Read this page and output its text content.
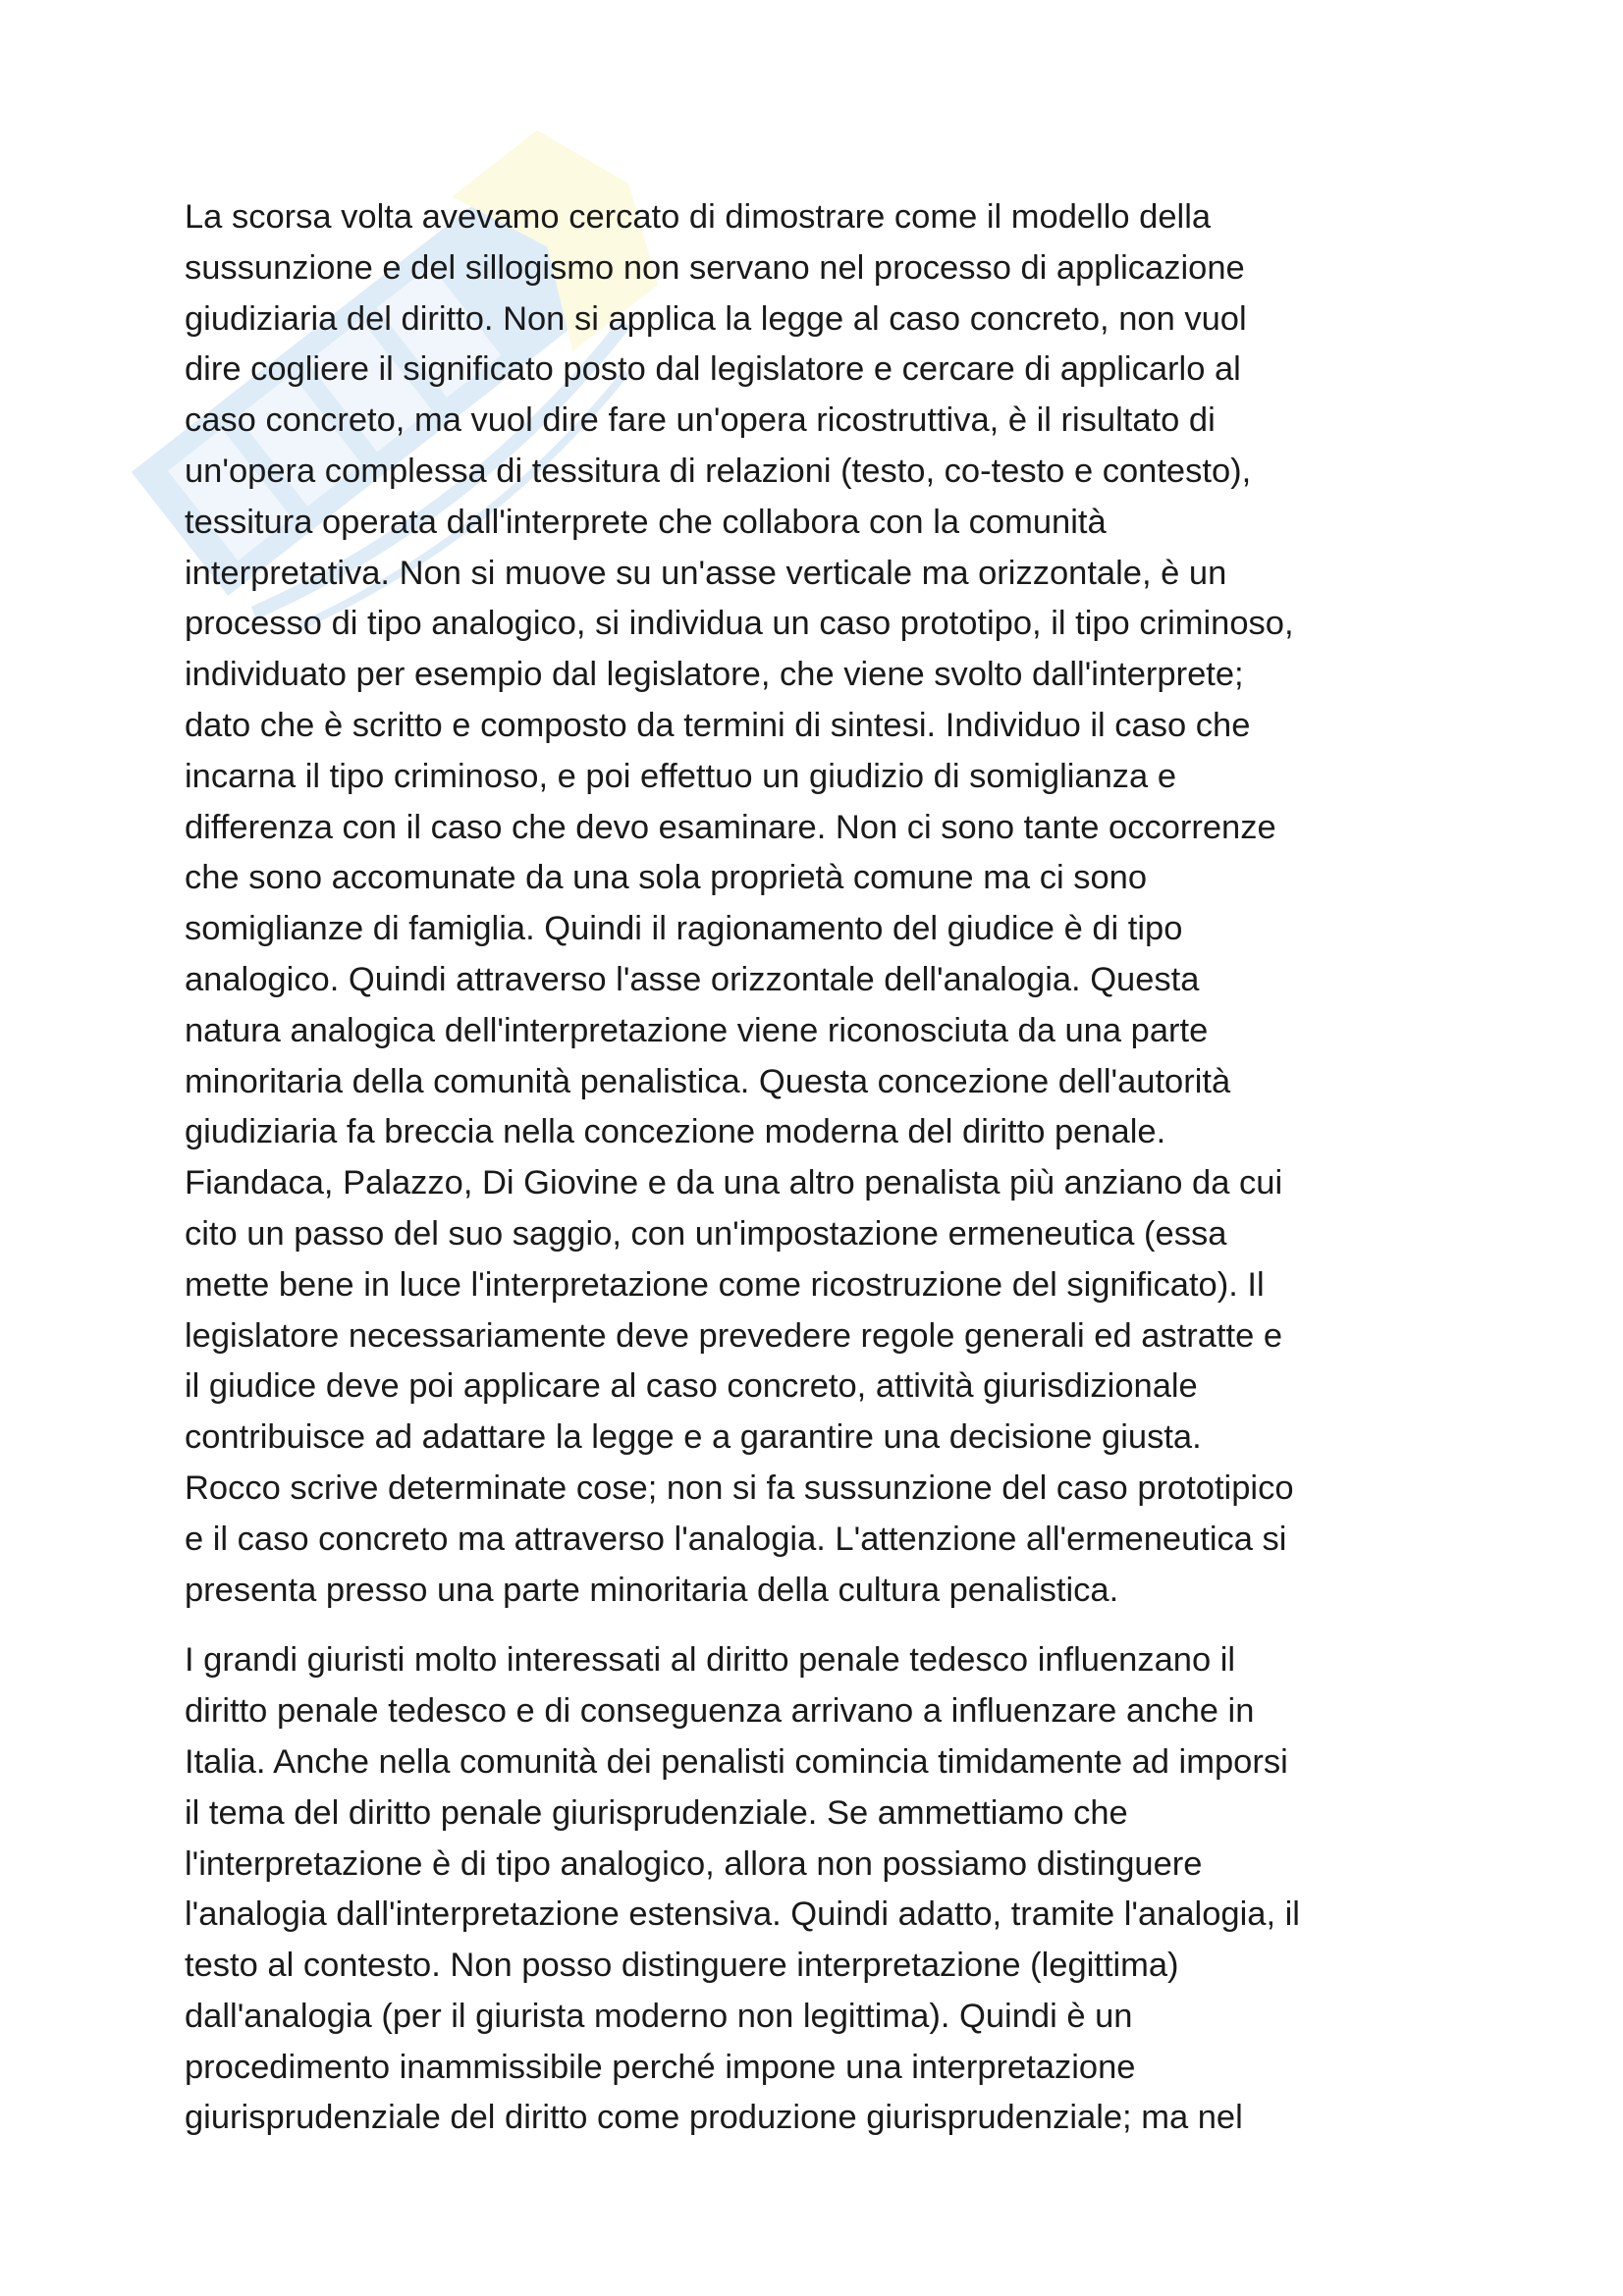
La scorsa volta avevamo cercato di dimostrare come il modello della
sussunzione e del sillogismo non servano nel processo di applicazione
giudiziaria del diritto. Non si applica la legge al caso concreto, non vuol
dire cogliere il significato posto dal legislatore e cercare di applicarlo al
caso concreto, ma vuol dire fare un'opera ricostruttiva, è il risultato di
un'opera complessa di tessitura di relazioni (testo, co-testo e contesto),
tessitura operata dall'interprete che collabora con la comunità
interpretativa. Non si muove su un'asse verticale ma orizzontale, è un
processo di tipo analogico, si individua un caso prototipo, il tipo criminoso,
individuato per esempio dal legislatore, che viene svolto dall'interprete;
dato che è scritto e composto da termini di sintesi. Individuo il caso che
incarna il tipo criminoso, e poi effettuo un giudizio di somiglianza e
differenza con il caso che devo esaminare. Non ci sono tante occorrenze
che sono accomunate da una sola proprietà comune ma ci sono
somiglianze di famiglia. Quindi il ragionamento del giudice è di tipo
analogico. Quindi attraverso l'asse orizzontale dell'analogia. Questa
natura analogica dell'interpretazione viene riconosciuta da una parte
minoritaria della comunità penalistica. Questa concezione dell'autorità
giudiziaria fa breccia nella concezione moderna del diritto penale.
Fiandaca, Palazzo, Di Giovine e da una altro penalista più anziano da cui
cito un passo del suo saggio, con un'impostazione ermeneutica (essa
mette bene in luce l'interpretazione come ricostruzione del significato). Il
legislatore necessariamente deve prevedere regole generali ed astratte e
il giudice deve poi applicare al caso concreto, attività giurisdizionale
contribuisce ad adattare la legge e a garantire una decisione giusta.
Rocco scrive determinate cose; non si fa sussunzione del caso prototipico
e il caso concreto ma attraverso l'analogia. L'attenzione all'ermeneutica si
presenta presso una parte minoritaria della cultura penalistica.
I grandi giuristi molto interessati al diritto penale tedesco influenzano il
diritto penale tedesco e di conseguenza arrivano a influenzare anche in
Italia. Anche nella comunità dei penalisti comincia timidamente ad imporsi
il tema del diritto penale giurisprudenziale. Se ammettiamo che
l'interpretazione è di tipo analogico, allora non possiamo distinguere
l'analogia dall'interpretazione estensiva. Quindi adatto, tramite l'analogia, il
testo al contesto. Non posso distinguere interpretazione (legittima)
dall'analogia (per il giurista moderno non legittima). Quindi è un
procedimento inammissibile perché impone una interpretazione
giurisprudenziale del diritto come produzione giurisprudenziale; ma nel
